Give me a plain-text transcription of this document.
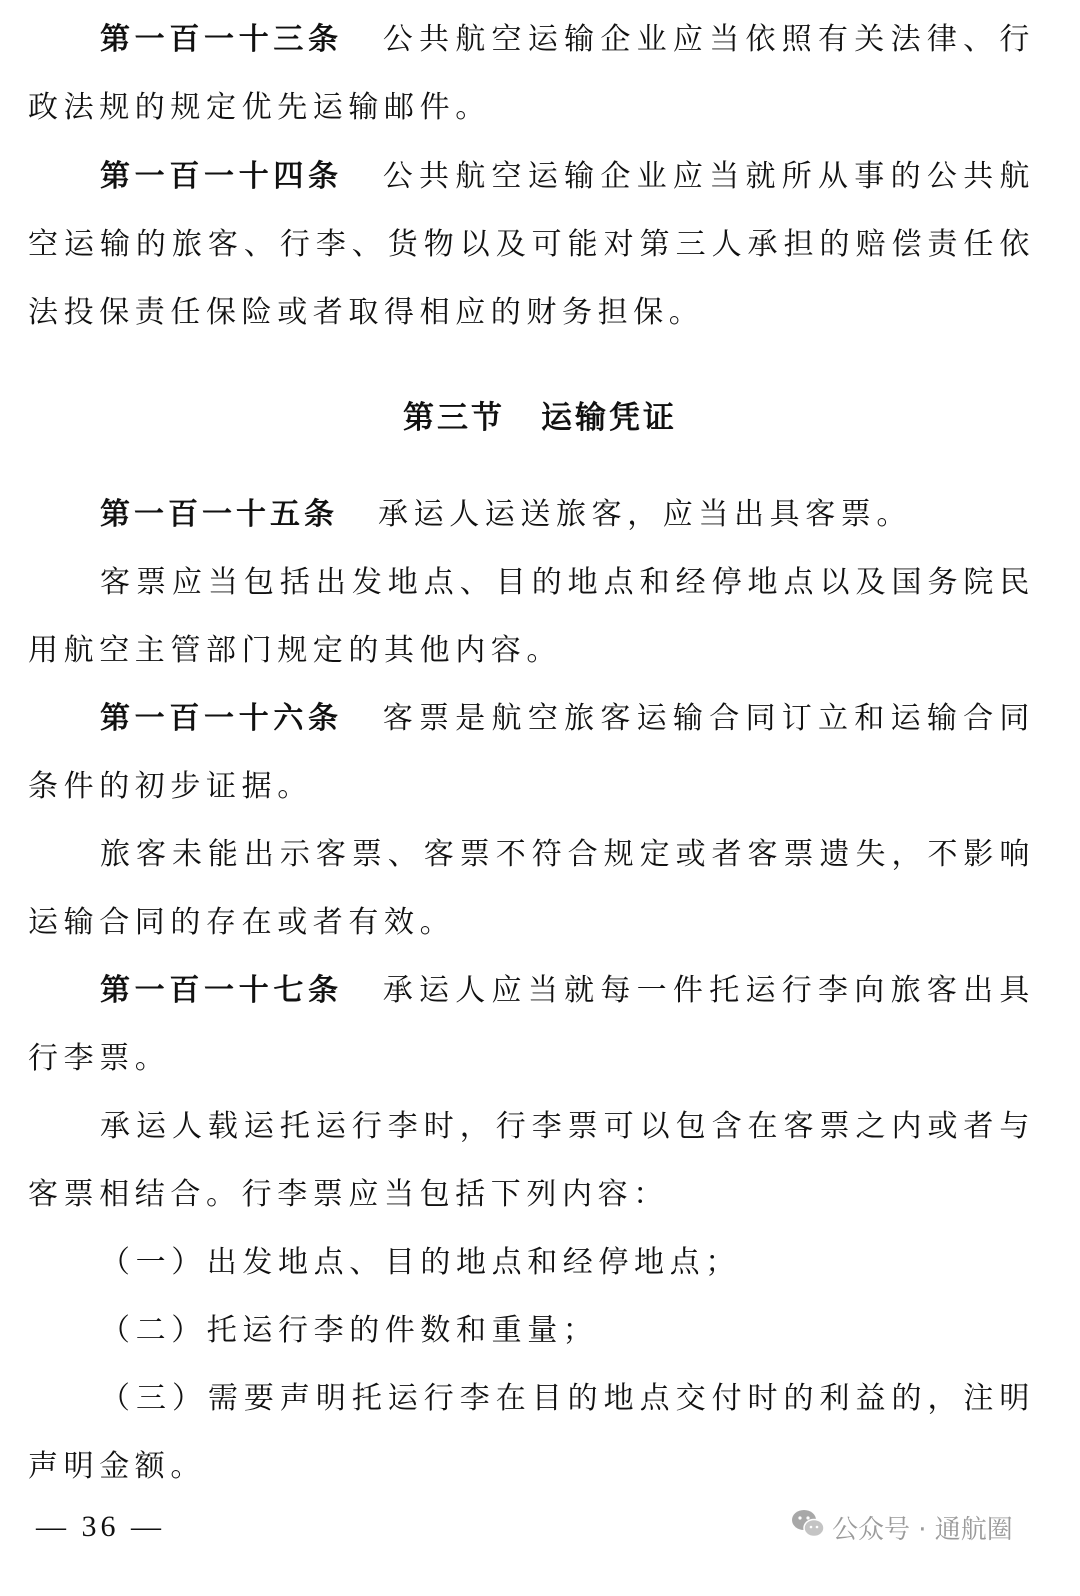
第一百一十三条 公共航空运输企业应当依照有关法律、行
政法规的规定优先运输邮件。
第一百一十四条 公共航空运输企业应当就所从事的公共航
空运输的旅客、行李、货物以及可能对第三人承担的赔偿责任依
法投保责任保险或者取得相应的财务担保。
第三节 运输凭证
第一百一十五条 承运人运送旅客，应当出具客票。
客票应当包括出发地点、目的地点和经停地点以及国务院民
用航空主管部门规定的其他内容。
第一百一十六条 客票是航空旅客运输合同订立和运输合同
条件的初步证据。
旅客未能出示客票、客票不符合规定或者客票遗失，不影响
运输合同的存在或者有效。
第一百一十七条 承运人应当就每一件托运行李向旅客出具
行李票。
承运人载运托运行李时，行李票可以包含在客票之内或者与
客票相结合。行李票应当包括下列内容：
（一）出发地点、目的地点和经停地点；
（二）托运行李的件数和重量；
（三）需要声明托运行李在目的地点交付时的利益的，注明
声明金额。
— 36 —	公众号 · 通航圈
